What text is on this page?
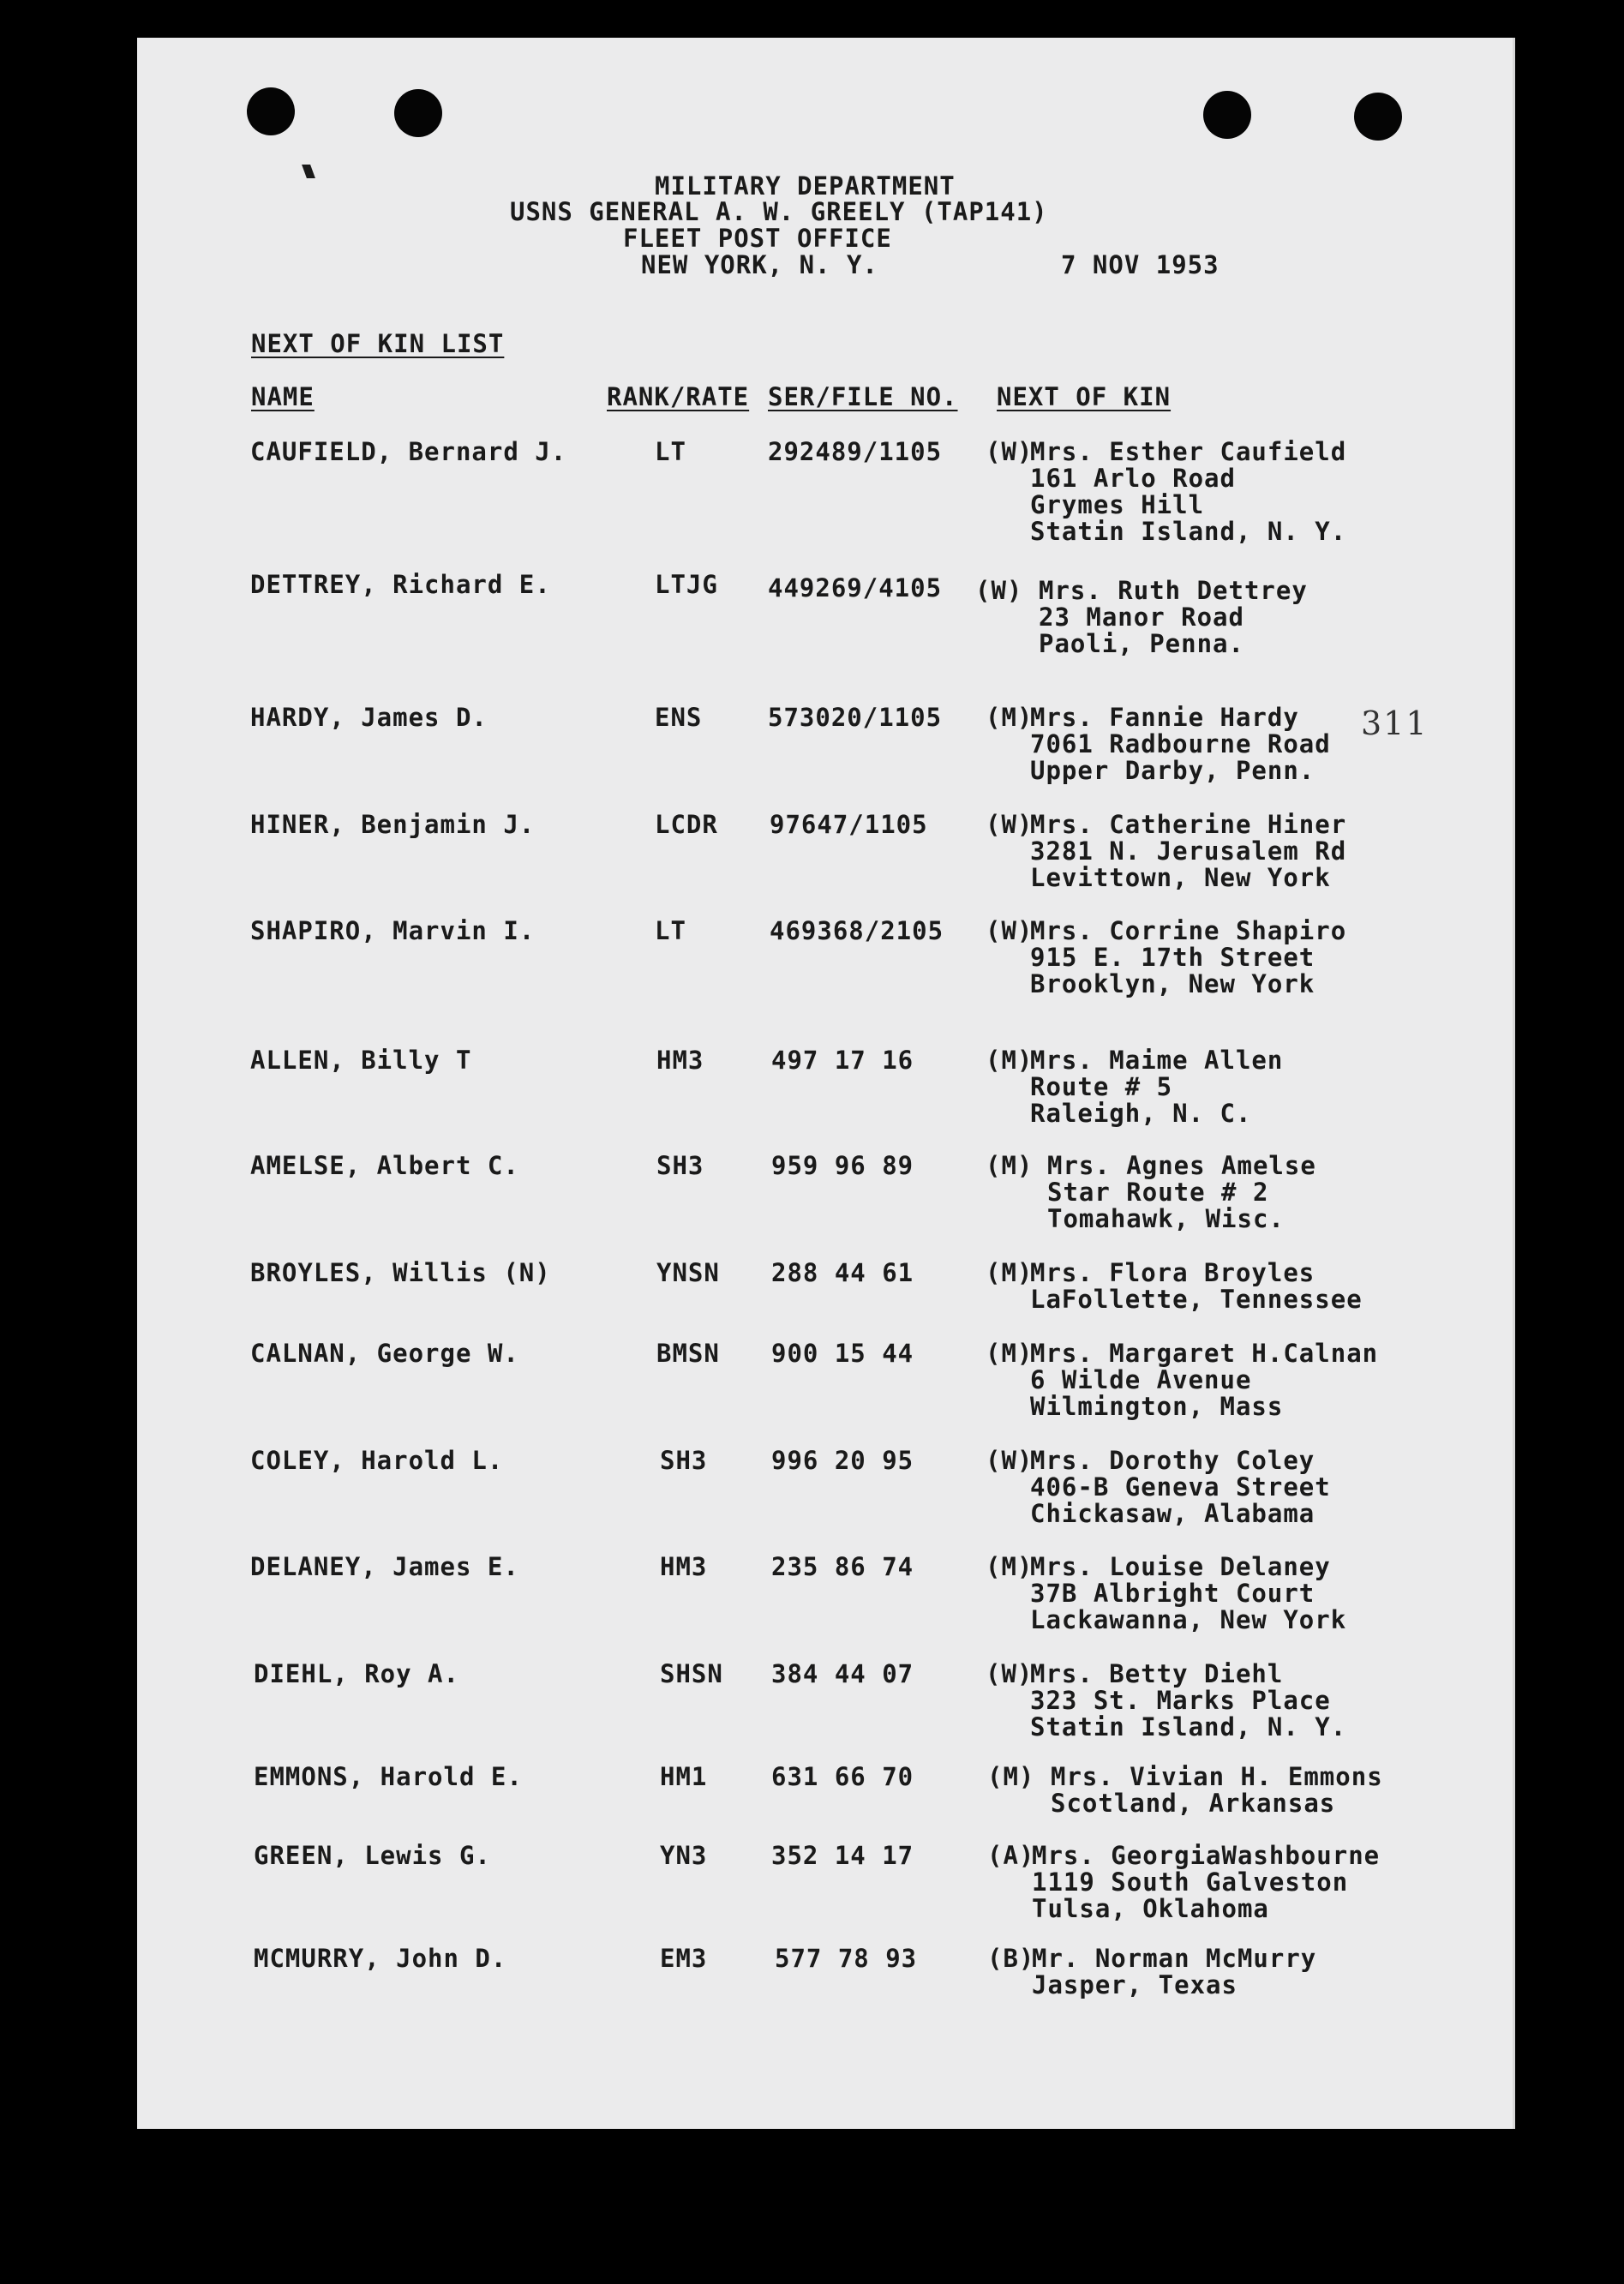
MILITARY DEPARTMENT
USNS GENERAL A. W. GREELY (TAP141)
FLEET POST OFFICE
NEW YORK, N. Y.	7 NOV 1953
NEXT OF KIN LIST
NAME	RANK/RATE SER/FILE NO. NEXT OF KIN
311
CAUFIELD, Bernard J.	LT	292489/1105 (W)
Mrs. Esther Caufield
161 Arlo Road
Grymes Hill
Statin Island, N. Y.
DETTREY, Richard E.	LTJG 449269/4105 (W) Mrs. Ruth Dettrey
23 Manor Road
Paoli, Penna.
HARDY, James D.	ENS	573020/1105 (M)
Mrs. Fannie Hardy
7061 Radbourne Road
Upper Darby, Penn.
HINER, Benjamin J.	LCDR 97647/1105 (W)
Mrs. Catherine Hiner
3281 N. Jerusalem Rd
Levittown, New York
SHAPIRO, Marvin I.	LT	469368/2105 (W)
Mrs. Corrine Shapiro
915 E. 17th Street
Brooklyn, New York
ALLEN, Billy T	HM3	497 17 16	(M)
Mrs. Maime Allen
Route # 5
Raleigh, N. C.
AMELSE, Albert C.	SH3	959 96 89	(M) Mrs. Agnes Amelse
Star Route # 2
Tomahawk, Wisc.
BROYLES, Willis (N)	YNSN 288 44 61	(M)
Mrs. Flora Broyles
LaFollette, Tennessee
CALNAN, George W.	BMSN 900 15 44	(M)
Mrs. Margaret H.Calnan
6 Wilde Avenue
Wilmington, Mass
COLEY, Harold L.	SH3	996 20 95	(W)
Mrs. Dorothy Coley
406-B Geneva Street
Chickasaw, Alabama
DELANEY, James E.	HM3	235 86 74	(M)
Mrs. Louise Delaney
37B Albright Court
Lackawanna, New York
DIEHL, Roy A.	SHSN 384 44 07	(W)
Mrs. Betty Diehl
323 St. Marks Place
Statin Island, N. Y.
EMMONS, Harold E.	HM1	631 66 70	(M) Mrs. Vivian H. Emmons
Scotland, Arkansas
GREEN, Lewis G.	YN3	352 14 17	(A)
Mrs. GeorgiaWashbourne
1119 South Galveston
Tulsa, Oklahoma
MCMURRY, John D.	EM3	577 78 93	(B)
Mr. Norman McMurry
Jasper, Texas
